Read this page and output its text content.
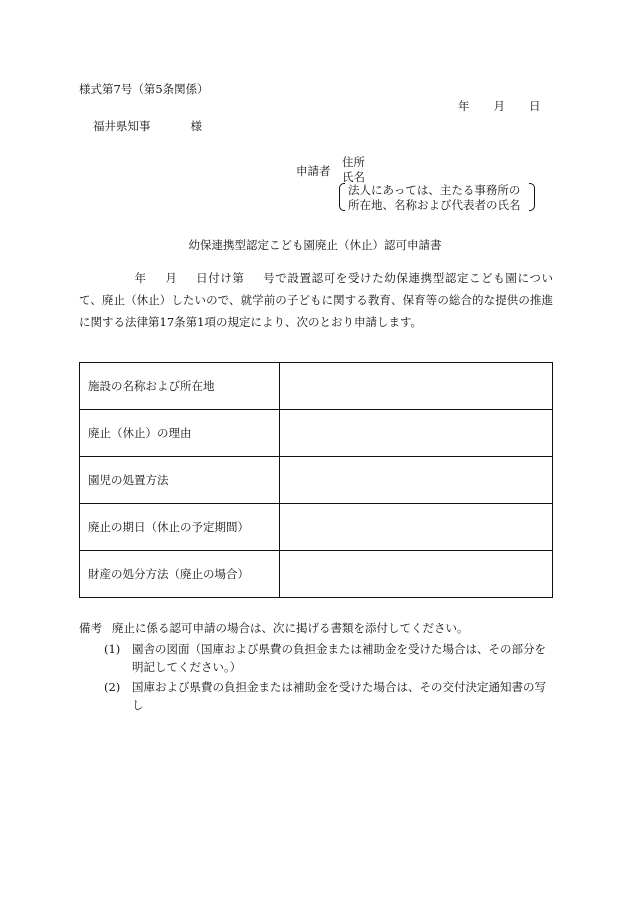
様式第7号（第5条関係）
年 月 日
福井県知事	様
申請者
住所
氏名
法人にあっては、主たる事務所の
所在地、名称および代表者の氏名
幼保連携型認定こども園廃止（休止）認可申請書
年 月 日付け第 号で設置認可を受けた幼保連携型認定こども園について、廃止（休止）したいので、就学前の子どもに関する教育、保育等の総合的な提供の推進に関する法律第17条第1項の規定により、次のとおり申請します。
施設の名称および所在地	
廃止（休止）の理由	
園児の処置方法	
廃止の期日（休止の予定期間）	
財産の処分方法（廃止の場合）	
備考 廃止に係る認可申請の場合は、次に掲げる書類を添付してください。
(1) 園舎の図面（国庫および県費の負担金または補助金を受けた場合は、その部分を
明記してください。）
(2) 国庫および県費の負担金または補助金を受けた場合は、その交付決定通知書の写
し
